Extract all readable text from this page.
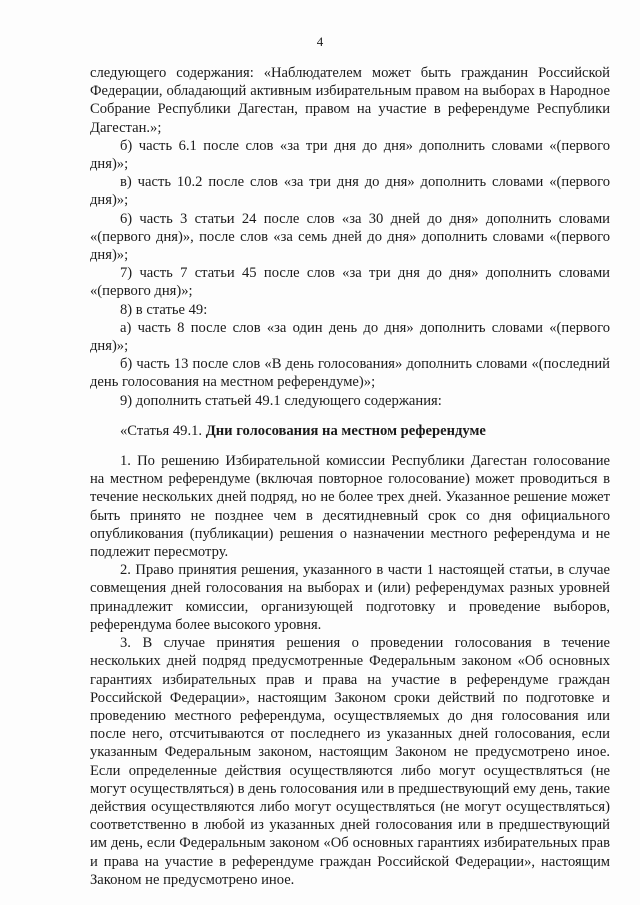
4

следующего содержания: «Наблюдателем может быть гражданин Российской Федерации, обладающий активным избирательным правом на выборах в Народное Собрание Республики Дагестан, правом на участие в референдуме Республики Дагестан.»;

б) часть 6.1 после слов «за три дня до дня» дополнить словами «(первого дня)»;

в) часть 10.2 после слов «за три дня до дня» дополнить словами «(первого дня)»;

6) часть 3 статьи 24 после слов «за 30 дней до дня» дополнить словами «(первого дня)», после слов «за семь дней до дня» дополнить словами «(первого дня)»;

7) часть 7 статьи 45 после слов «за три дня до дня» дополнить словами «(первого дня)»;

8) в статье 49:

а) часть 8 после слов «за один день до дня» дополнить словами «(первого дня)»;

б) часть 13 после слов «В день голосования» дополнить словами «(последний день голосования на местном референдуме)»;

9) дополнить статьей 49.1 следующего содержания:

«Статья 49.1. Дни голосования на местном референдуме

1. По решению Избирательной комиссии Республики Дагестан голосование на местном референдуме (включая повторное голосование) может проводиться в течение нескольких дней подряд, но не более трех дней. Указанное решение может быть принято не позднее чем в десятидневный срок со дня официального опубликования (публикации) решения о назначении местного референдума и не подлежит пересмотру.

2. Право принятия решения, указанного в части 1 настоящей статьи, в случае совмещения дней голосования на выборах и (или) референдумах разных уровней принадлежит комиссии, организующей подготовку и проведение выборов, референдума более высокого уровня.

3. В случае принятия решения о проведении голосования в течение нескольких дней подряд предусмотренные Федеральным законом «Об основных гарантиях избирательных прав и права на участие в референдуме граждан Российской Федерации», настоящим Законом сроки действий по подготовке и проведению местного референдума, осуществляемых до дня голосования или после него, отсчитываются от последнего из указанных дней голосования, если указанным Федеральным законом, настоящим Законом не предусмотрено иное. Если определенные действия осуществляются либо могут осуществляться (не могут осуществляться) в день голосования или в предшествующий ему день, такие действия осуществляются либо могут осуществляться (не могут осуществляться) соответственно в любой из указанных дней голосования или в предшествующий им день, если Федеральным законом «Об основных гарантиях избирательных прав и права на участие в референдуме граждан Российской Федерации», настоящим Законом не предусмотрено иное.
